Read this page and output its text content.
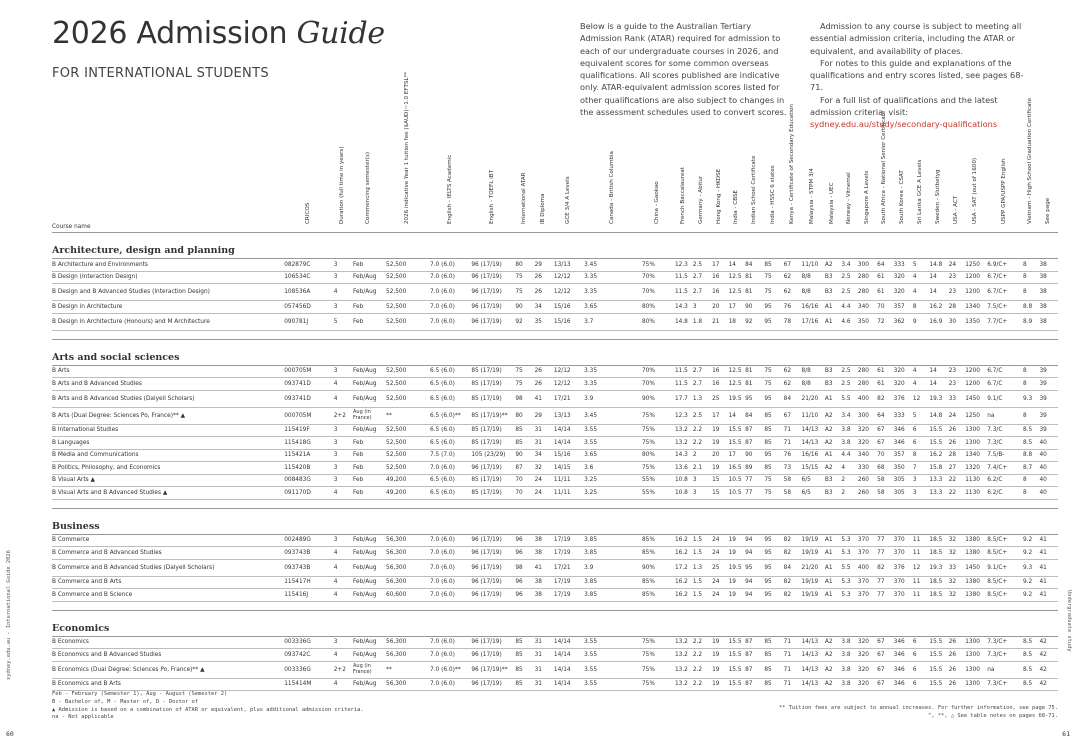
2026 Admission Guide
FOR INTERNATIONAL STUDENTS

Below is a guide to the Australian Tertiary Admission Rank (ATAR) required for admission to each of our undergraduate courses in 2026, and equivalent scores for some common overseas qualifications. All scores published are indicative only. ATAR-equivalent admission scores listed for other qualifications are also subject to changes in the assessment schedules used to convert scores.

Admission to any course is subject to meeting all essential admission criteria, including the ATAR or equivalent, and availability of places.

For notes to this guide and explanations of the qualifications and entry scores listed, see pages 68-71.

For a full list of qualifications and the latest admission criteria, visit:

sydney.edu.au/study/secondary-qualifications

Course name	CRICOS	Duration (full time in years)	Commencing semester(s)	2026 indicative Year 1 tuition fee ($AUD)~1.0 EFTSL**	English - IELTS Academic	English - TOEFL iBT	International ATAR	IB Diploma	GCE 3/4 A Levels	Canada - British Columbia	China - Gaokao	French Baccalaureat	Germany - Abitur	Hong Kong - HKDSE	India - CBSE	Indian School Certificate	India - HSSC 6 states	Kenya - Certificate of Secondary Education	Malaysia - STPM 3/4	Malaysia - UEC	Norway - Vitnemal	Singapore A Levels	South Africa - National Senior Certificate	South Korea - CSAT	Sri Lanka GCE A Levels	Sweden - Slutbetyg	USA - ACT	USA - SAT (out of 1600)	USPP GPA/USPP English	Vietnam - High School Graduation Certificate	See page

Architecture, design and planning																															
B Architecture and Environments	082879C	3	Feb	52,500	7.0 (6.0)	96 (17/19)	80	29	13/13	3.45	75%	12.3	2.5	17	14	84	85	67	11/10	A2	3.4	300	64	333	5	14.8	24	1250	6.9/C+	8	38
B Design (Interaction Design)	106534C	3	Feb/Aug	52,500	7.0 (6.0)	96 (17/19)	75	26	12/12	3.35	70%	11.5	2.7	16	12.5	81	75	62	8/8	B3	2.5	280	61	320	4	14	23	1200	6.7/C+	8	38
B Design and B Advanced Studies (Interaction Design)	108536A	4	Feb/Aug	52,500	7.0 (6.0)	96 (17/19)	75	26	12/12	3.35	70%	11.5	2.7	16	12.5	81	75	62	8/8	B3	2.5	280	61	320	4	14	23	1200	6.7/C+	8	38
B Design in Architecture	057456D	3	Feb	52,500	7.0 (6.0)	96 (17/19)	90	34	15/16	3.65	80%	14.3	3	20	17	90	95	76	16/16	A1	4.4	340	70	357	8	16.2	28	1340	7.5/C+	8.8	38
B Design in Architecture (Honours) and M Architecture	090781J	5	Feb	52,500	7.0 (6.0)	96 (17/19)	92	35	15/16	3.7	80%	14.8	1.8	21	18	92	95	78	17/16	A1	4.6	350	72	362	9	16.9	30	1350	7.7/C+	8.9	38

Arts and social sciences																															
B Arts	000705M	3	Feb/Aug	52,500	6.5 (6.0)	85 (17/19)	75	26	12/12	3.35	70%	11.5	2.7	16	12.5	81	75	62	8/8	B3	2.5	280	61	320	4	14	23	1200	6.7/C	8	39
B Arts and B Advanced Studies	093741D	4	Feb/Aug	52,500	6.5 (6.0)	85 (17/19)	75	26	12/12	3.35	70%	11.5	2.7	16	12.5	81	75	62	8/8	B3	2.5	280	61	320	4	14	23	1200	6.7/C	8	39
B Arts and B Advanced Studies (Dalyell Scholars)	093741D	4	Feb/Aug	52,500	6.5 (6.0)	85 (17/19)	98	41	17/21	3.9	90%	17.7	1.3	25	19.5	95	95	84	21/20	A1	5.5	400	82	376	12	19.3	33	1450	9.1/C	9.3	39
B Arts (Dual Degree: Sciences Po, France)** ▲	000705M	2+2	Aug (in France)	**	6.5 (6.0)**	85 (17/19)**	80	29	13/13	3.45	75%	12.3	2.5	17	14	84	85	67	11/10	A2	3.4	300	64	333	5	14.8	24	1250	na	8	39
B International Studies	115419F	3	Feb/Aug	52,500	6.5 (6.0)	85 (17/19)	85	31	14/14	3.55	75%	13.2	2.2	19	15.5	87	85	71	14/13	A2	3.8	320	67	346	6	15.5	26	1300	7.3/C	8.5	39
B Languages	115418G	3	Feb	52,500	6.5 (6.0)	85 (17/19)	85	31	14/14	3.55	75%	13.2	2.2	19	15.5	87	85	71	14/13	A2	3.8	320	67	346	6	15.5	26	1300	7.3/C	8.5	40
B Media and Communications	115421A	3	Feb	52,500	7.5 (7.0)	105 (23/29)	90	34	15/16	3.65	80%	14.3	2	20	17	90	95	76	16/16	A1	4.4	340	70	357	8	16.2	28	1340	7.5/B-	8.8	40
B Politics, Philosophy, and Economics	115420B	3	Feb	52,500	7.0 (6.0)	96 (17/19)	87	32	14/15	3.6	75%	13.6	2.1	19	16.5	89	85	73	15/15	A2	4	330	68	350	7	15.8	27	1320	7.4/C+	8.7	40
B Visual Arts ▲	008483G	3	Feb	49,200	6.5 (6.0)	85 (17/19)	70	24	11/11	3.25	55%	10.8	3	15	10.5	77	75	58	6/5	B3	2	260	58	305	3	13.3	22	1130	6.2/C	8	40
B Visual Arts and B Advanced Studies ▲	091170D	4	Feb	49,200	6.5 (6.0)	85 (17/19)	70	24	11/11	3.25	55%	10.8	3	15	10.5	77	75	58	6/5	B3	2	260	58	305	3	13.3	22	1130	6.2/C	8	40

Business																															
B Commerce	002489G	3	Feb/Aug	56,300	7.0 (6.0)	96 (17/19)	96	38	17/19	3.85	85%	16.2	1.5	24	19	94	95	82	19/19	A1	5.3	370	77	370	11	18.5	32	1380	8.5/C+	9.2	41
B Commerce and B Advanced Studies	093743B	4	Feb/Aug	56,300	7.0 (6.0)	96 (17/19)	96	38	17/19	3.85	85%	16.2	1.5	24	19	94	95	82	19/19	A1	5.3	370	77	370	11	18.5	32	1380	8.5/C+	9.2	41
B Commerce and B Advanced Studies (Dalyell Scholars)	093743B	4	Feb/Aug	56,300	7.0 (6.0)	96 (17/19)	98	41	17/21	3.9	90%	17.2	1.3	25	19.5	95	95	84	21/20	A1	5.5	400	82	376	12	19.3	33	1450	9.1/C+	9.3	41
B Commerce and B Arts	115417H	4	Feb/Aug	56,300	7.0 (6.0)	96 (17/19)	96	38	17/19	3.85	85%	16.2	1.5	24	19	94	95	82	19/19	A1	5.3	370	77	370	11	18.5	32	1380	8.5/C+	9.2	41
B Commerce and B Science	115416J	4	Feb/Aug	60,600	7.0 (6.0)	96 (17/19)	96	38	17/19	3.85	85%	16.2	1.5	24	19	94	95	82	19/19	A1	5.3	370	77	370	11	18.5	32	1380	8.5/C+	9.2	41

Economics																															
B Economics	003336G	3	Feb/Aug	56,300	7.0 (6.0)	96 (17/19)	85	31	14/14	3.55	75%	13.2	2.2	19	15.5	87	85	71	14/13	A2	3.8	320	67	346	6	15.5	26	1300	7.3/C+	8.5	42
B Economics and B Advanced Studies	093742C	4	Feb/Aug	56,300	7.0 (6.0)	96 (17/19)	85	31	14/14	3.55	75%	13.2	2.2	19	15.5	87	85	71	14/13	A2	3.8	320	67	346	6	15.5	26	1300	7.3/C+	8.5	42
B Economics (Dual Degree: Sciences Po, France)** ▲	003336G	2+2	Aug (in France)	**	7.0 (6.0)**	96 (17/19)**	85	31	14/14	3.55	75%	13.2	2.2	19	15.5	87	85	71	14/13	A2	3.8	320	67	346	6	15.5	26	1300	na	8.5	42
B Economics and B Arts	115414M	4	Feb/Aug	56,300	7.0 (6.0)	96 (17/19)	85	31	14/14	3.55	75%	13.2	2.2	19	15.5	87	85	71	14/13	A2	3.8	320	67	346	6	15.5	26	1300	7.3/C+	8.5	42
Feb - February (Semester 1), Aug - August (Semester 2)
B - Bachelor of, M - Master of, D - Doctor of
▲ Admission is based on a combination of ATAR or equivalent, plus additional admission criteria.
na - Not applicable
** Tuition fees are subject to annual increases. For further information, see page 75.
^, **, △ See table notes on pages 68-71.
sydney.edu.au - International Guide 2026	Undergraduate study
60	61
